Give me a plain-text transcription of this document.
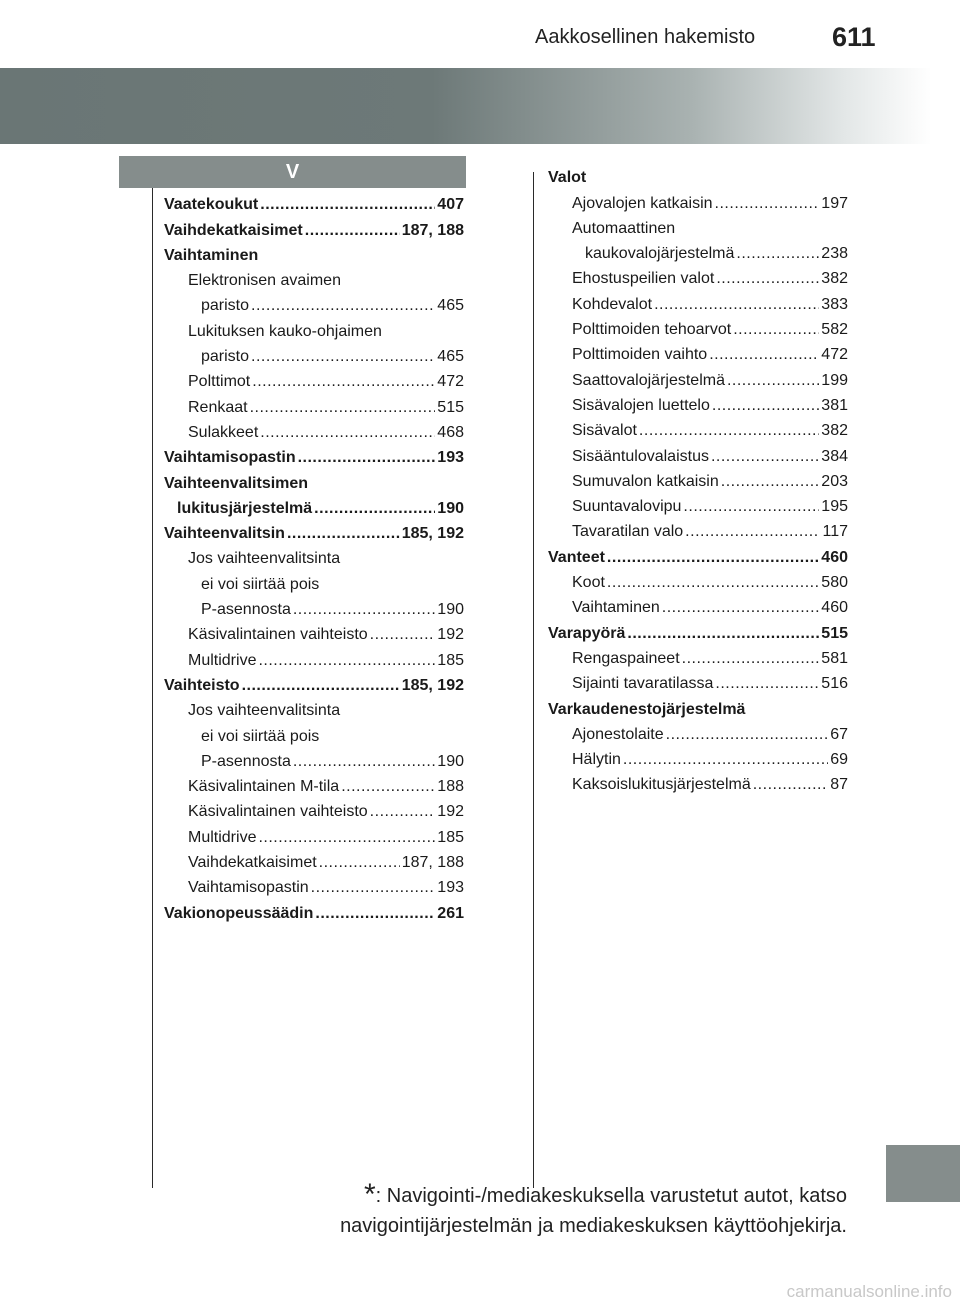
Aakkosellinen hakemisto	611
V
Vaatekoukut .....	407
Vaihdekatkaisimet .....	187, 188
Vaihtaminen
Elektronisen avaimen
paristo .....	465
Lukituksen kauko-ohjaimen
paristo .....	465
Polttimot .....	472
Renkaat .....	515
Sulakkeet .....	468
Vaihtamisopastin .....	193
Vaihteenvalitsimen
lukitusjärjestelmä .....	190
Vaihteenvalitsin .....	185, 192
Jos vaihteenvalitsinta
ei voi siirtää pois
P-asennosta .....	190
Käsivalintainen vaihteisto .....	192
Multidrive .....	185
Vaihteisto .....	185, 192
Jos vaihteenvalitsinta
ei voi siirtää pois
P-asennosta .....	190
Käsivalintainen M-tila .....	188
Käsivalintainen vaihteisto .....	192
Multidrive .....	185
Vaihdekatkaisimet .....	187, 188
Vaihtamisopastin .....	193
Vakionopeussäädin .....	261
Valot
Ajovalojen katkaisin .....	197
Automaattinen
kaukovalojärjestelmä .....	238
Ehostuspeilien valot .....	382
Kohdevalot .....	383
Polttimoiden tehoarvot .....	582
Polttimoiden vaihto .....	472
Saattovalojärjestelmä .....	199
Sisävalojen luettelo .....	381
Sisävalot .....	382
Sisääntulovalaistus .....	384
Sumuvalon katkaisin .....	203
Suuntavalovipu .....	195
Tavaratilan valo .....	117
Vanteet .....	460
Koot .....	580
Vaihtaminen .....	460
Varapyörä .....	515
Rengaspaineet .....	581
Sijainti tavaratilassa .....	516
Varkaudenestojärjestelmä
Ajonestolaite .....	67
Hälytin .....	69
Kaksoislukitusjärjestelmä .....	87
*: Navigointi-/mediakeskuksella varustetut autot, katso
navigointijärjestelmän ja mediakeskuksen käyttöohjekirja.
carmanualsonline.info
